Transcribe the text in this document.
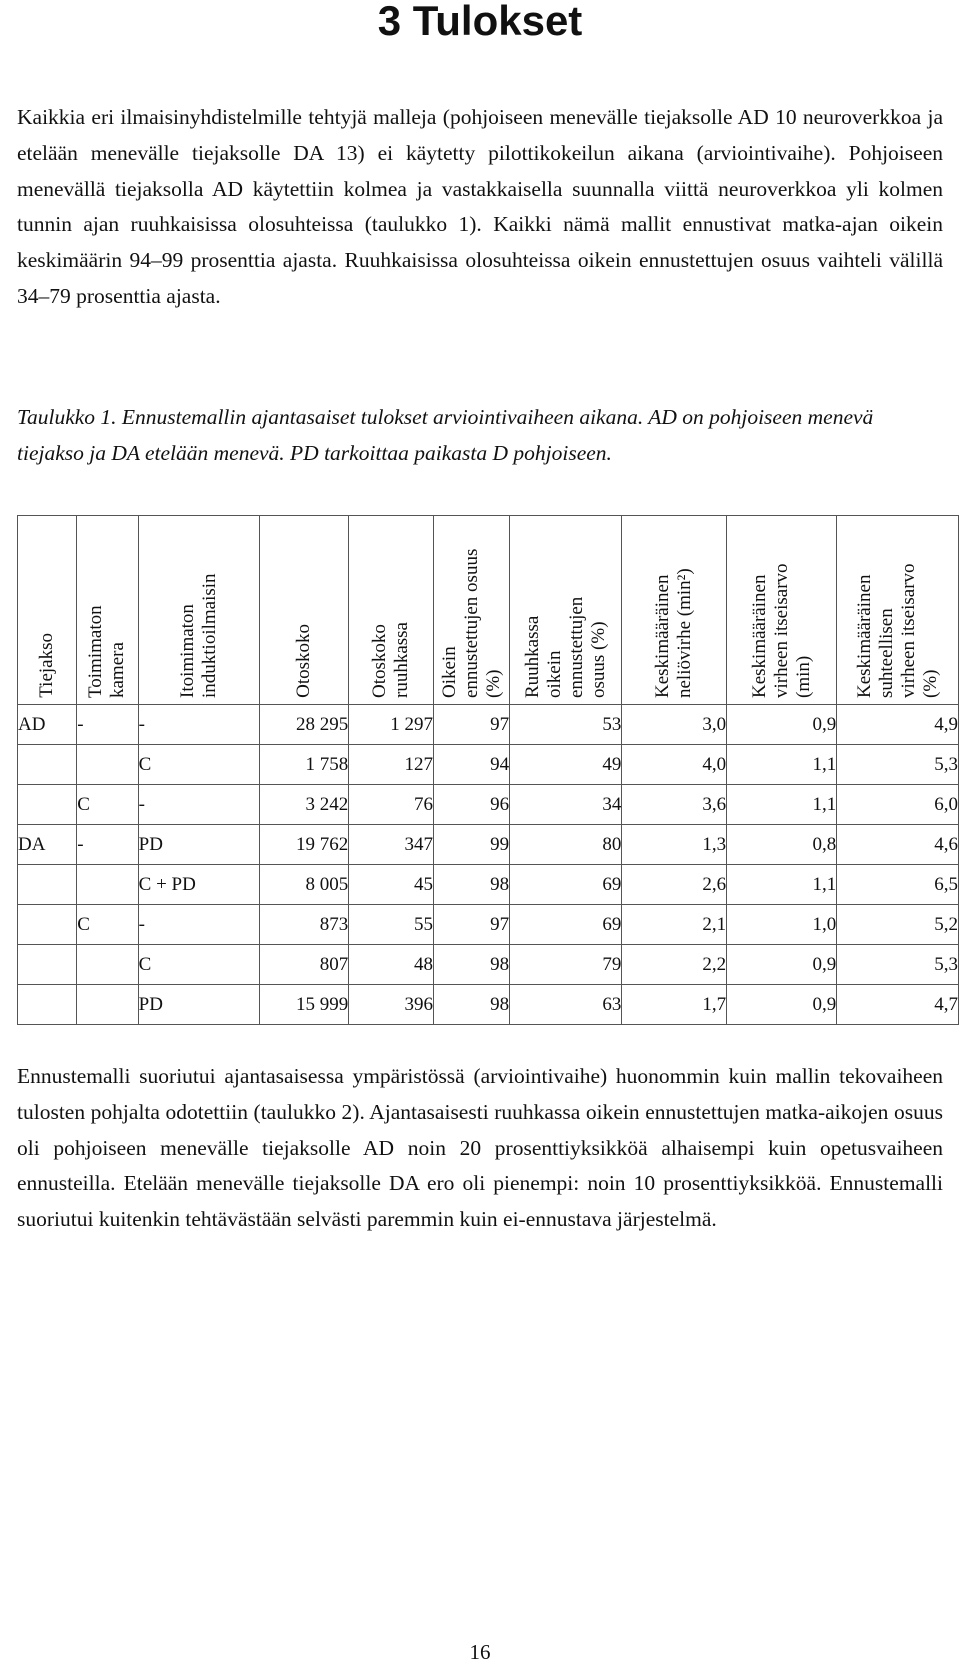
3 Tulokset

Kaikkia eri ilmaisinyhdistelmille tehtyjä malleja (pohjoiseen menevälle tiejaksolle AD 10 neuroverkkoa ja etelään menevälle tiejaksolle DA 13) ei käytetty pilottikokeilun aikana (arviointivaihe). Pohjoiseen menevällä tiejaksolla AD käytettiin kolmea ja vastakkaisella suunnalla viittä neuroverkkoa yli kolmen tunnin ajan ruuhkaisissa olosuhteissa (taulukko 1). Kaikki nämä mallit ennustivat matka-ajan oikein keskimäärin 94–99 prosenttia ajasta. Ruuhkaisissa olosuhteissa oikein ennustettujen osuus vaihteli välillä 34–79 prosenttia ajasta.

Taulukko 1. Ennustemallin ajantasaiset tulokset arviointivaiheen aikana. AD on pohjoiseen menevä tiejakso ja DA etelään menevä. PD tarkoittaa paikasta D pohjoiseen.

Tiejakso	Toimimaton kamera	Itoimimaton induktioilmaisin	Otoskoko	Otoskoko ruuhkassa	Oikein ennustettujen osuus (%)	Ruuhkassa oikein ennustettujen osuus (%)	Keskimääräinen neliövirhe (min²)	Keskimääräinen virheen itseisarvo (min)	Keskimääräinen suhteellisen virheen itseisarvo (%)

AD	-	-	28 295	1 297	97	53	3,0	0,9	4,9
		C	1 758	127	94	49	4,0	1,1	5,3
	C	-	3 242	76	96	34	3,6	1,1	6,0
DA	-	PD	19 762	347	99	80	1,3	0,8	4,6
		C + PD	8 005	45	98	69	2,6	1,1	6,5
	C	-	873	55	97	69	2,1	1,0	5,2
		C	807	48	98	79	2,2	0,9	5,3
		PD	15 999	396	98	63	1,7	0,9	4,7

Ennustemalli suoriutui ajantasaisessa ympäristössä (arviointivaihe) huonommin kuin mallin tekovaiheen tulosten pohjalta odotettiin (taulukko 2). Ajantasaisesti ruuhkassa oikein ennustettujen matka-aikojen osuus oli pohjoiseen menevälle tiejaksolle AD noin 20 prosenttiyksikköä alhaisempi kuin opetusvaiheen ennusteilla. Etelään menevälle tiejaksolle DA ero oli pienempi: noin 10 prosenttiyksikköä. Ennustemalli suoriutui kuitenkin tehtävästään selvästi paremmin kuin ei-ennustava järjestelmä.

16
